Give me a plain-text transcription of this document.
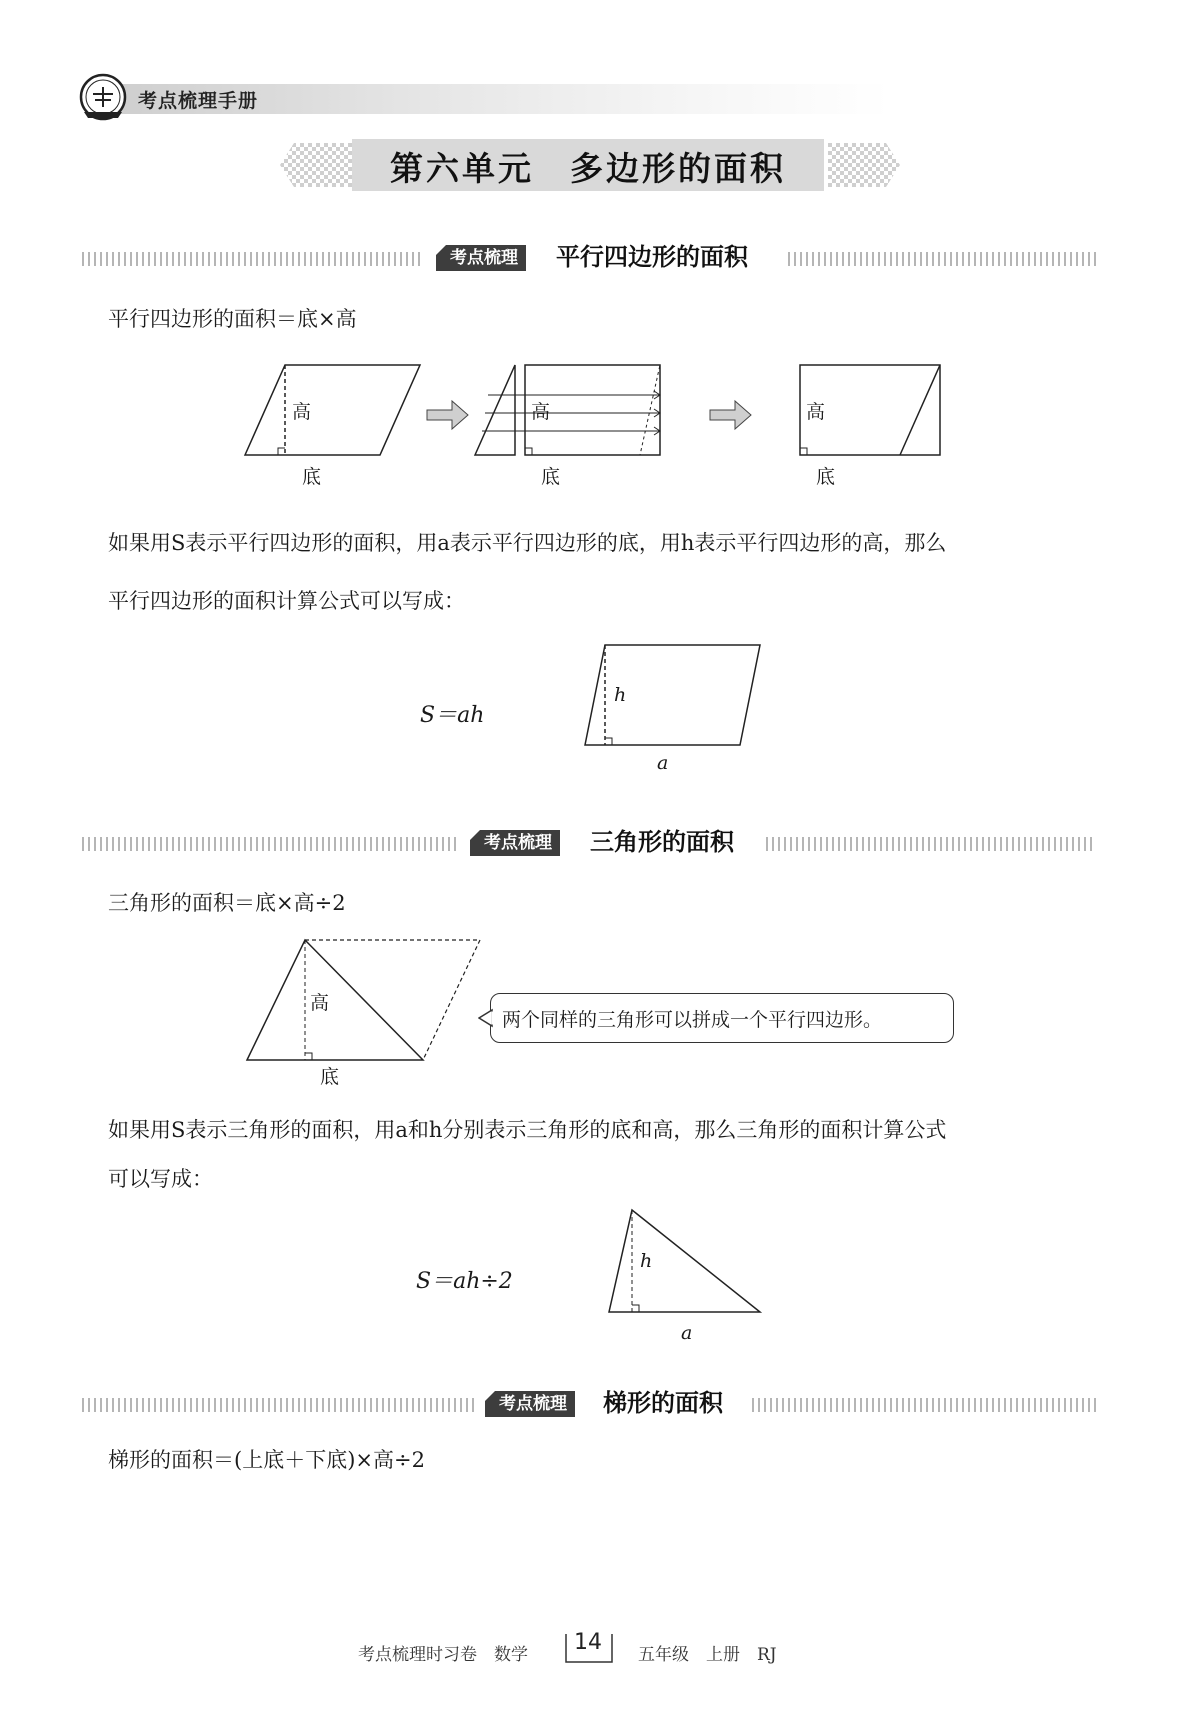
考点梳理手册
第六单元　多边形的面积
考点梳理	平行四边形的面积
平行四边形的面积＝底×高
高
底
高
底
高
底
如果用S表示平行四边形的面积，用a表示平行四边形的底，用h表示平行四边形的高，那么
平行四边形的面积计算公式可以写成：
S＝ah
h
a
考点梳理	三角形的面积
三角形的面积＝底×高÷2
高
底
两个同样的三角形可以拼成一个平行四边形。
如果用S表示三角形的面积，用a和h分别表示三角形的底和高，那么三角形的面积计算公式
可以写成：
S＝ah÷2
h
a
考点梳理	梯形的面积
梯形的面积＝(上底＋下底)×高÷2
考点梳理时习卷　数学 14 五年级　上册　RJ
